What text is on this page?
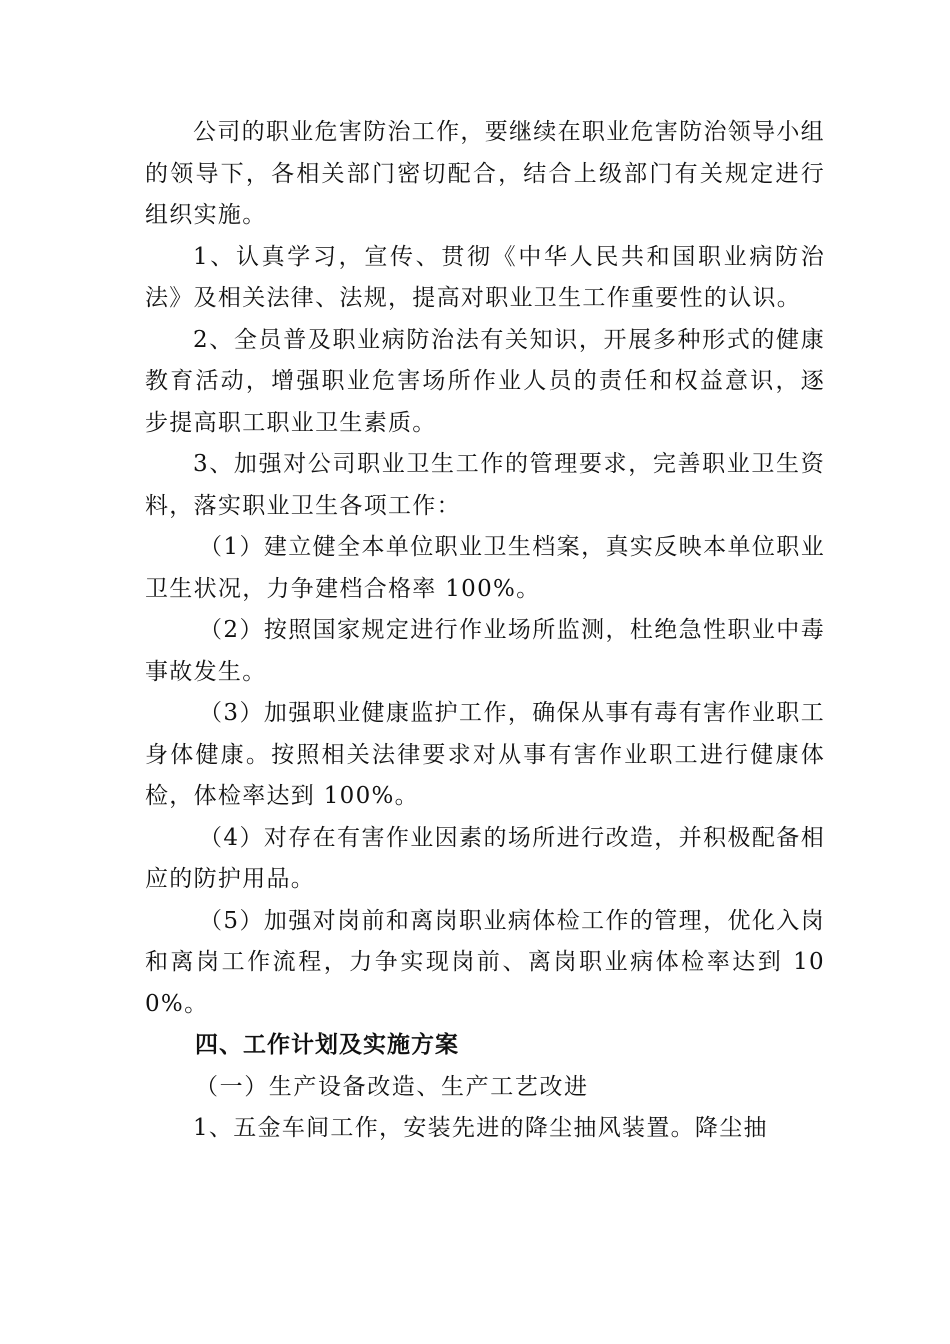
公司的职业危害防治工作，要继续在职业危害防治领导小组的领导下，各相关部门密切配合，结合上级部门有关规定进行组织实施。

1、认真学习，宣传、贯彻《中华人民共和国职业病防治法》及相关法律、法规，提高对职业卫生工作重要性的认识。

2、全员普及职业病防治法有关知识，开展多种形式的健康教育活动，增强职业危害场所作业人员的责任和权益意识，逐步提高职工职业卫生素质。

3、加强对公司职业卫生工作的管理要求，完善职业卫生资料，落实职业卫生各项工作：

（1）建立健全本单位职业卫生档案，真实反映本单位职业卫生状况，力争建档合格率 100%。

（2）按照国家规定进行作业场所监测，杜绝急性职业中毒事故发生。

（3）加强职业健康监护工作，确保从事有毒有害作业职工身体健康。按照相关法律要求对从事有害作业职工进行健康体检，体检率达到 100%。

（4）对存在有害作业因素的场所进行改造，并积极配备相应的防护用品。

（5）加强对岗前和离岗职业病体检工作的管理，优化入岗和离岗工作流程，力争实现岗前、离岗职业病体检率达到 100%。

四、工作计划及实施方案

（一）生产设备改造、生产工艺改进

1、五金车间工作，安装先进的降尘抽风装置。降尘抽
